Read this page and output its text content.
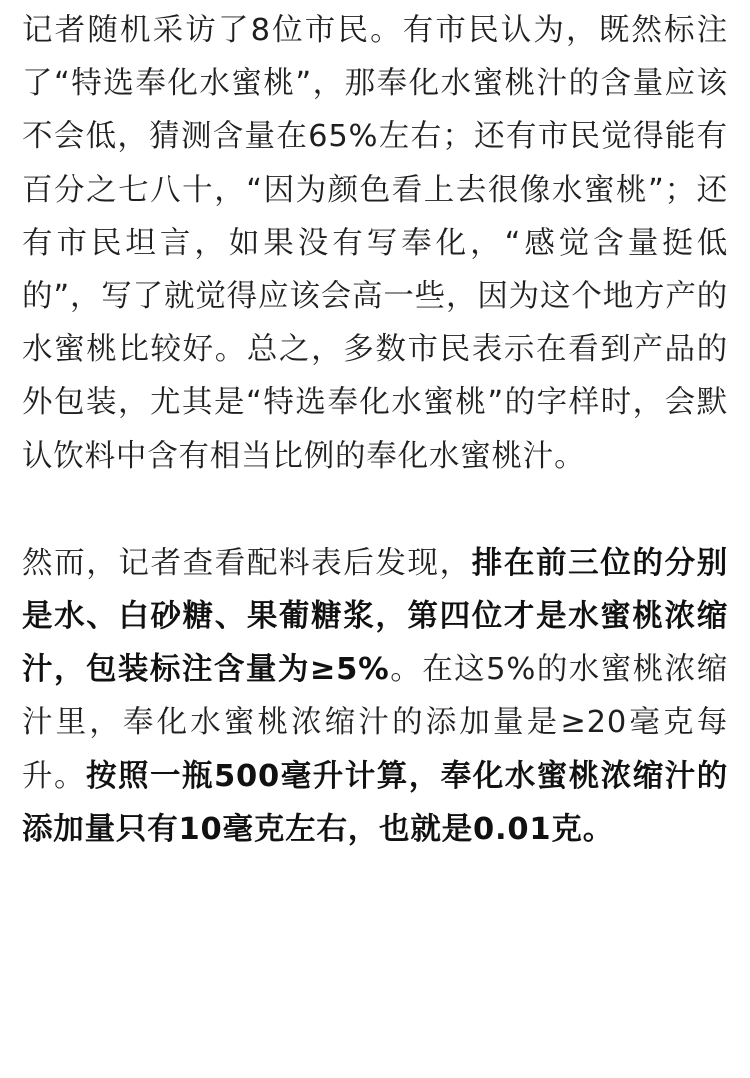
记者随机采访了8位市民。有市民认为，既然标注了“特选奉化水蜜桃”，那奉化水蜜桃汁的含量应该不会低，猜测含量在65%左右；还有市民觉得能有百分之七八十，“因为颜色看上去很像水蜜桃”；还有市民坦言，如果没有写奉化，“感觉含量挺低的”，写了就觉得应该会高一些，因为这个地方产的水蜜桃比较好。总之，多数市民表示在看到产品的外包装，尤其是“特选奉化水蜜桃”的字样时，会默认饮料中含有相当比例的奉化水蜜桃汁。

然而，记者查看配料表后发现，排在前三位的分别是水、白砂糖、果葡糖浆，第四位才是水蜜桃浓缩汁，包装标注含量为≥5%。在这5%的水蜜桃浓缩汁里，奉化水蜜桃浓缩汁的添加量是≥20毫克每升。按照一瓶500毫升计算，奉化水蜜桃浓缩汁的添加量只有10毫克左右，也就是0.01克。
